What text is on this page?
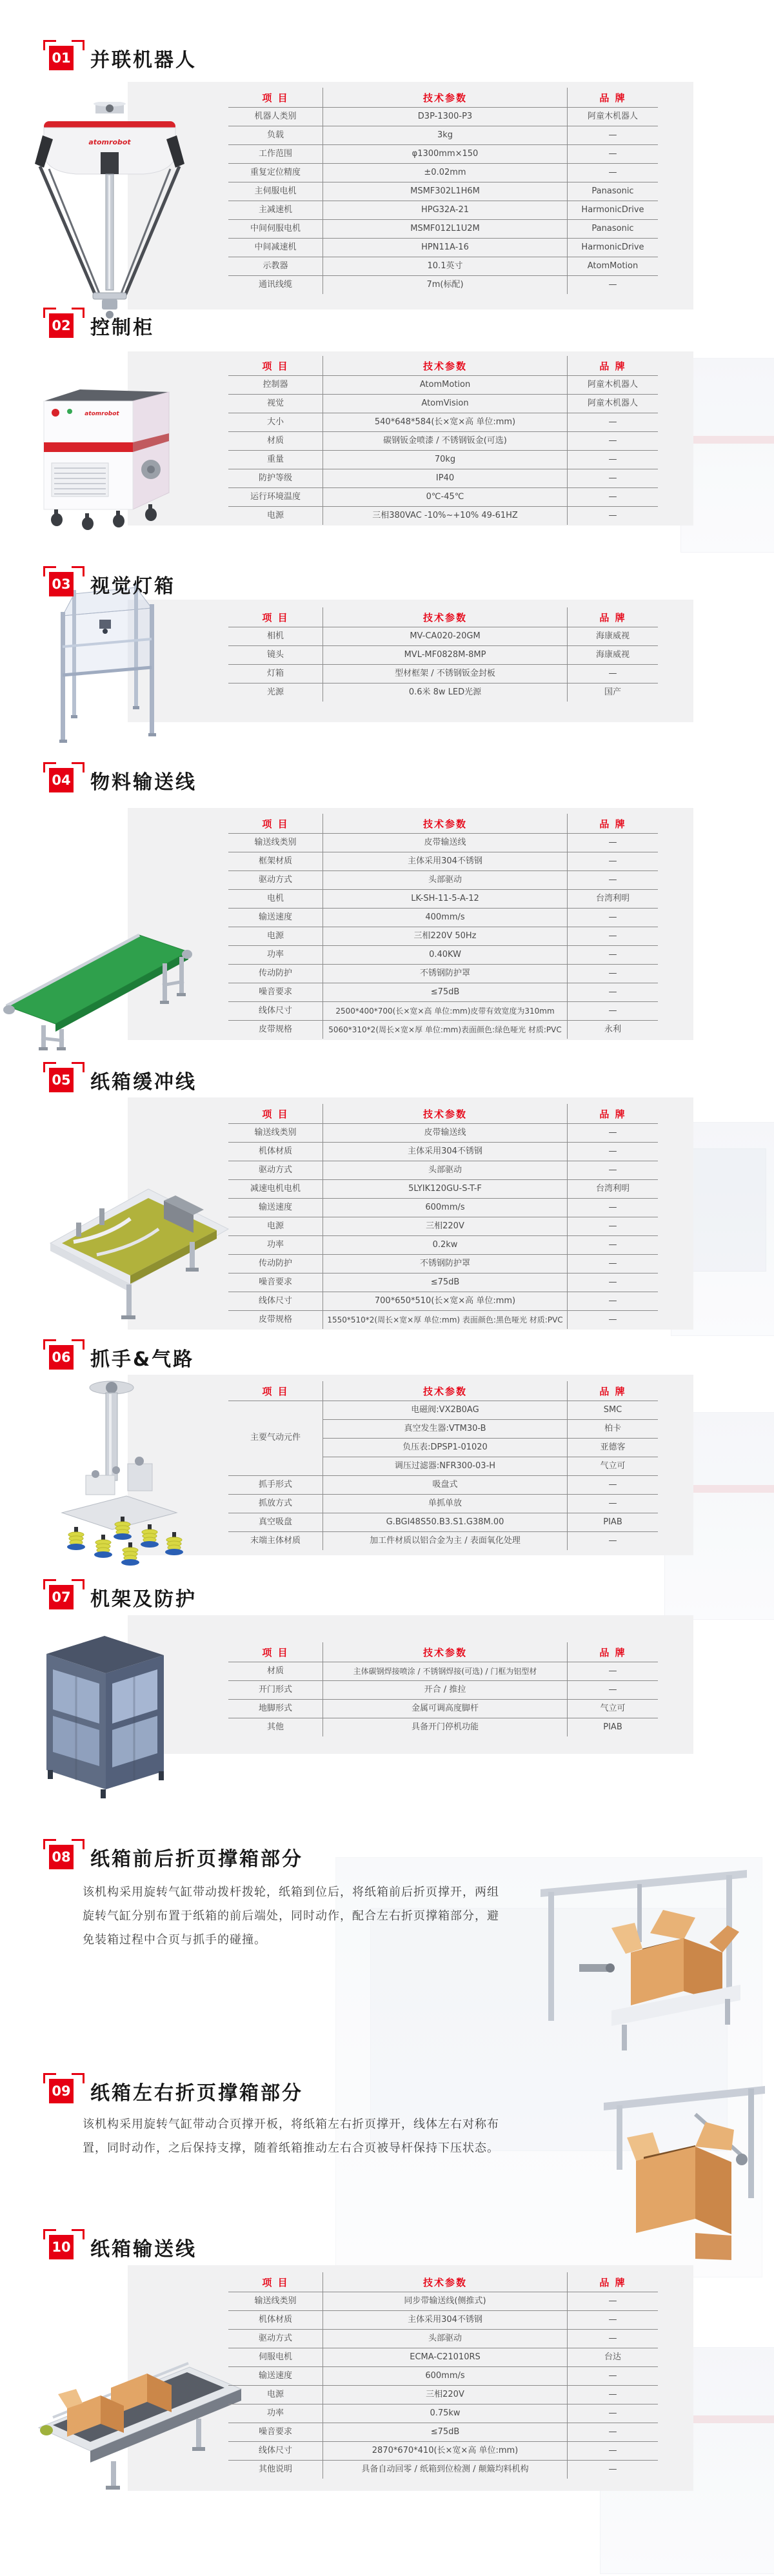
01 并联机器人
atomrobot
项 目	技术参数	品 牌
机器人类别	D3P-1300-P3	阿童木机器人
负载	3kg	—
工作范围	φ1300mm×150	—
重复定位精度	±0.02mm	—
主伺服电机	MSMF302L1H6M	Panasonic
主减速机	HPG32A-21	HarmonicDrive
中间伺服电机	MSMF012L1U2M	Panasonic
中间减速机	HPN11A-16	HarmonicDrive
示教器	10.1英寸	AtomMotion
通讯线缆	7m(标配)	—
02 控制柜
atomrobot
项 目	技术参数	品 牌
控制器	AtomMotion	阿童木机器人
视觉	AtomVision	阿童木机器人
大小	540*648*584(长×宽×高 单位:mm)	—
材质	碳钢钣金喷漆 / 不锈钢钣金(可选)	—
重量	70kg	—
防护等级	IP40	—
运行环境温度	0℃-45℃	—
电源	三相380VAC -10%~+10% 49-61HZ	—
03 视觉灯箱
项 目	技术参数	品 牌
相机	MV-CA020-20GM	海康威视
镜头	MVL-MF0828M-8MP	海康威视
灯箱	型材框架 / 不锈钢钣金封板	—
光源	0.6米 8w LED光源	国产
04 物料输送线
项 目	技术参数	品 牌
输送线类别	皮带输送线	—
框架材质	主体采用304不锈钢	—
驱动方式	头部驱动	—
电机	LK-SH-11-5-A-12	台湾利明
输送速度	400mm/s	—
电源	三相220V 50Hz	—
功率	0.40KW	—
传动防护	不锈钢防护罩	—
噪音要求	≤75dB	—
线体尺寸	2500*400*700(长×宽×高 单位:mm)皮带有效宽度为310mm	—
皮带规格	5060*310*2(周长×宽×厚 单位:mm)表面颜色:绿色哑光 材质:PVC	永利
05 纸箱缓冲线
项 目	技术参数	品 牌
输送线类别	皮带输送线	—
机体材质	主体采用304不锈钢	—
驱动方式	头部驱动	—
减速电机电机	5LYIK120GU-S-T-F	台湾利明
输送速度	600mm/s	—
电源	三相220V	—
功率	0.2kw	—
传动防护	不锈钢防护罩	—
噪音要求	≤75dB	—
线体尺寸	700*650*510(长×宽×高 单位:mm)	—
皮带规格	1550*510*2(周长×宽×厚 单位:mm) 表面颜色:黑色哑光 材质:PVC	—
06 抓手&气路
项 目	技术参数	品 牌
主要气动元件	电磁阀:VX2B0AG	SMC
	真空发生器:VTM30-B	柏卡
	负压表:DPSP1-01020	亚德客
	调压过滤器:NFR300-03-H	气立可
抓手形式	吸盘式	—
抓放方式	单抓单放	—
真空吸盘	G.BGI48S50.B3.S1.G38M.00	PIAB
末端主体材质	加工件材质以铝合金为主 / 表面氧化处理	—
07 机架及防护
项 目	技术参数	品 牌
材质	主体碳钢焊接喷涂 / 不锈钢焊接(可选) / 门框为铝型材	—
开门形式	开合 / 推拉	—
地脚形式	金属可调高度脚杆	气立可
其他	具备开门停机功能	PIAB
08 纸箱前后折页撑箱部分

该机构采用旋转气缸带动拨杆拨轮，纸箱到位后，将纸箱前后折页撑开，两组旋转气缸分别布置于纸箱的前后端处，同时动作，配合左右折页撑箱部分，避免装箱过程中合页与抓手的碰撞。

09 纸箱左右折页撑箱部分

该机构采用旋转气缸带动合页撑开板，将纸箱左右折页撑开，线体左右对称布置，同时动作，之后保持支撑，随着纸箱推动左右合页被导杆保持下压状态。

10 纸箱输送线
项 目	技术参数	品 牌
输送线类别	同步带输送线(侧推式)	—
机体材质	主体采用304不锈钢	—
驱动方式	头部驱动	—
伺服电机	ECMA-C21010RS	台达
输送速度	600mm/s	—
电源	三相220V	—
功率	0.75kw	—
噪音要求	≤75dB	—
线体尺寸	2870*670*410(长×宽×高 单位:mm)	—
其他说明	具备自动回零 / 纸箱到位检测 / 颠簸均料机构	—
